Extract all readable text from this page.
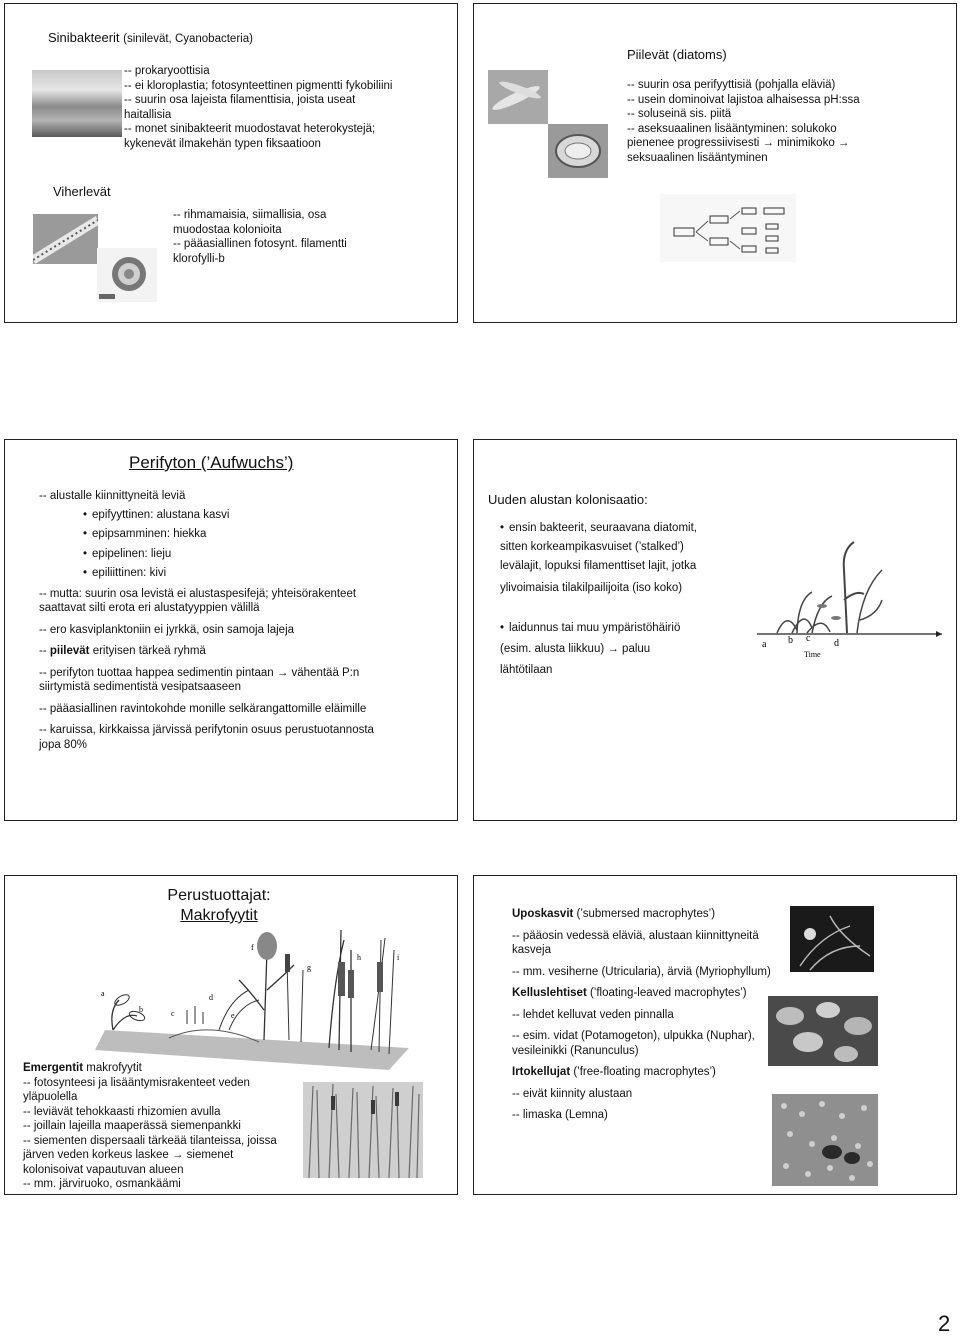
Sinibakteerit (sinilevät, Cyanobacteria)
-- prokaryoottisia
-- ei kloroplastia; fotosynteettinen pigmentti fykobiliini
-- suurin osa lajeista filamenttisia, joista useat
haitallisia
-- monet sinibakteerit muodostavat heterokystejä;
kykenevät ilmakehän typen fiksaatioon
Viherlevät
-- rihmamaisia, siimallisia, osa
muodostaa kolonioita
-- pääasiallinen fotosynt. filamentti
klorofylli-b
Piilevät (diatoms)
-- suurin osa perifyyttisiä (pohjalla eläviä)
-- usein dominoivat lajistoa alhaisessa pH:ssa
-- soluseinä sis. piitä
-- aseksuaalinen lisääntyminen: solukoko
pienenee progressiivisesti → minimikoko →
seksuaalinen lisääntyminen
Perifyton (’Aufwuchs’)
-- alustalle kiinnittyneitä leviä
• epifyyttinen: alustana kasvi
• epipsamminen: hiekka
• epipelinen: lieju
• epiliittinen: kivi
-- mutta: suurin osa levistä ei alustaspesifejä; yhteisörakenteet
saattavat silti erota eri alustatyyppien välillä
-- ero kasviplanktoniin ei jyrkkä, osin samoja lajeja
-- piilevät erityisen tärkeä ryhmä
-- perifyton tuottaa happea sedimentin pintaan → vähentää P:n
siirtymistä sedimentistä vesipatsaaseen
-- pääasiallinen ravintokohde monille selkärangattomille eläimille
-- karuissa, kirkkaissa järvissä perifytonin osuus perustuotannosta
jopa 80%
Uuden alustan kolonisaatio:
• ensin bakteerit, seuraavana diatomit,
sitten korkeampikasvuiset (’stalked’)
levälajit, lopuksi filamenttiset lajit, jotka
ylivoimaisia tilakilpailijoita (iso koko)
• laidunnus tai muu ympäristöhäiriö
(esim. alusta liikkuu) → paluu
lähtötilaan
a b c d
Time
Perustuottajat:
Makrofyytit
a
b	c
d
e
f
g
h	i
Emergentit makrofyytit
-- fotosynteesi ja lisääntymisrakenteet veden
yläpuolella
-- leviävät tehokkaasti rhizomien avulla
-- joillain lajeilla maaperässä siemenpankki
-- siementen dispersaali tärkeää tilanteissa, joissa
järven veden korkeus laskee → siemenet
kolonisoivat vapautuvan alueen
-- mm. järviruoko, osmankäämi
Uposkasvit (’submersed macrophytes’)
-- pääosin vedessä eläviä, alustaan kiinnittyneitä
kasveja
-- mm. vesiherne (Utricularia), ärviä (Myriophyllum)
Kelluslehtiset (’floating-leaved macrophytes’)
-- lehdet kelluvat veden pinnalla
-- esim. vidat (Potamogeton), ulpukka (Nuphar),
vesileinikki (Ranunculus)
Irtokellujat (’free-floating macrophytes’)
-- eivät kiinnity alustaan
-- limaska (Lemna)
2
